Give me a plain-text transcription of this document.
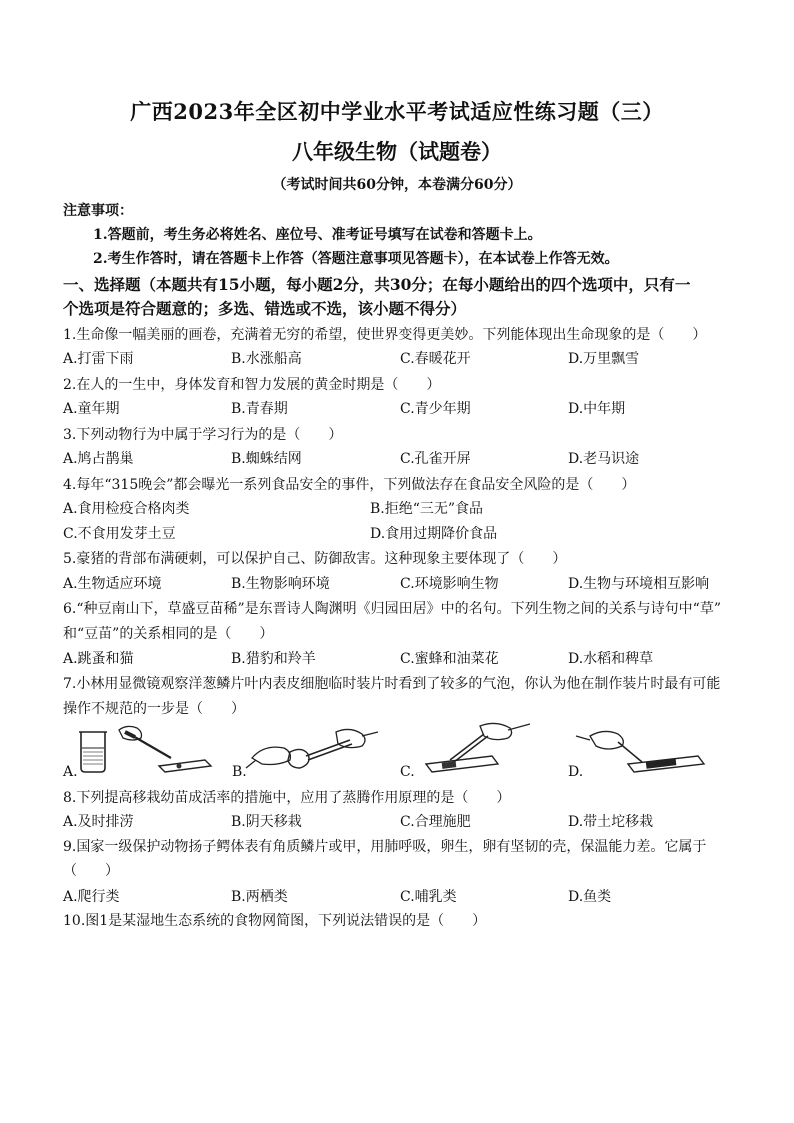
广西2023年全区初中学业水平考试适应性练习题（三）
八年级生物（试题卷）
（考试时间共60分钟，本卷满分60分）
注意事项：
1.答题前，考生务必将姓名、座位号、准考证号填写在试卷和答题卡上。
2.考生作答时，请在答题卡上作答（答题注意事项见答题卡），在本试卷上作答无效。
一、选择题（本题共有15小题，每小题2分，共30分；在每小题给出的四个选项中，只有一
个选项是符合题意的；多选、错选或不选，该小题不得分）
1.生命像一幅美丽的画卷，充满着无穷的希望，使世界变得更美妙。下列能体现出生命现象的是（　　）
A.打雷下雨	B.水涨船高	C.春暖花开	D.万里飘雪
2.在人的一生中，身体发育和智力发展的黄金时期是（　　）
A.童年期	B.青春期	C.青少年期	D.中年期
3.下列动物行为中属于学习行为的是（　　）
A.鸠占鹊巢	B.蜘蛛结网	C.孔雀开屏	D.老马识途
4.每年“315晚会”都会曝光一系列食品安全的事件，下列做法存在食品安全风险的是（　　）
A.食用检疫合格肉类	B.拒绝“三无”食品
C.不食用发芽土豆	D.食用过期降价食品
5.豪猪的背部布满硬刺，可以保护自己、防御敌害。这种现象主要体现了（　　）
A.生物适应环境	B.生物影响环境	C.环境影响生物	D.生物与环境相互影响
6.“种豆南山下，草盛豆苗稀”是东晋诗人陶渊明《归园田居》中的名句。下列生物之间的关系与诗句中“草”
和“豆苗”的关系相同的是（　　）
A.跳蚤和猫	B.猎豹和羚羊	C.蜜蜂和油菜花	D.水稻和稗草
7.小林用显微镜观察洋葱鳞片叶内表皮细胞临时装片时看到了较多的气泡，你认为他在制作装片时最有可能
操作不规范的一步是（　　）
A.	B.	C.	D.
8.下列提高移栽幼苗成活率的措施中，应用了蒸腾作用原理的是（　　）
A.及时排涝	B.阴天移栽	C.合理施肥	D.带土坨移栽
9.国家一级保护动物扬子鳄体表有角质鳞片或甲，用肺呼吸，卵生，卵有坚韧的壳，保温能力差。它属于
（　　）
A.爬行类	B.两栖类	C.哺乳类	D.鱼类
10.图1是某湿地生态系统的食物网简图，下列说法错误的是（　　）
